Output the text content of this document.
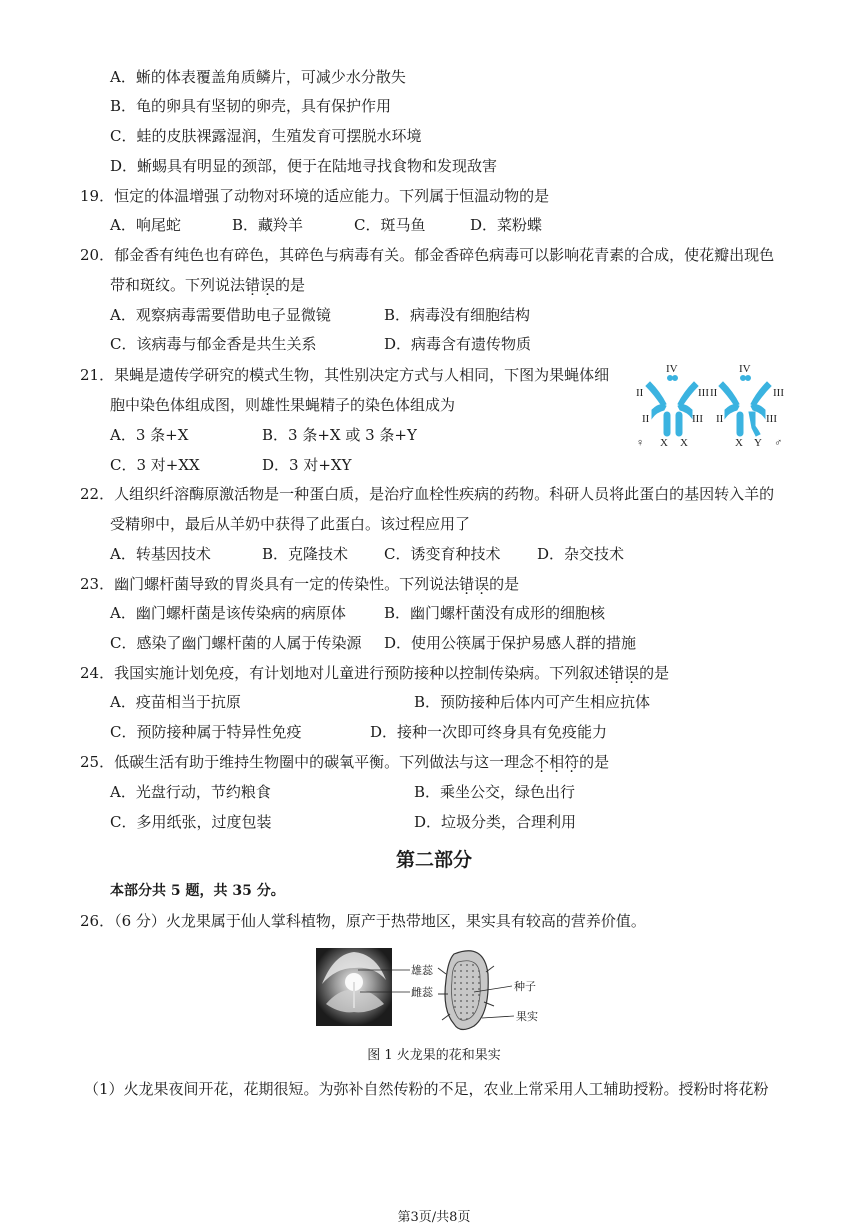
A．蜥的体表覆盖角质鳞片，可减少水分散失
B．龟的卵具有坚韧的卵壳，具有保护作用
C．蛙的皮肤裸露湿润，生殖发育可摆脱水环境
D．蜥蜴具有明显的颈部，便于在陆地寻找食物和发现敌害
19．恒定的体温增强了动物对环境的适应能力。下列属于恒温动物的是
A．响尾蛇	B．藏羚羊	C．斑马鱼	D．菜粉蝶
20．郁金香有纯色也有碎色，其碎色与病毒有关。郁金香碎色病毒可以影响花青素的合成，使花瓣出现色
带和斑纹。下列说法错误的是
A．观察病毒需要借助电子显微镜	B．病毒没有细胞结构
C．该病毒与郁金香是共生关系	D．病毒含有遗传物质
21．果蝇是遗传学研究的模式生物，其性别决定方式与人相同，下图为果蝇体细
胞中染色体组成图，则雄性果蝇精子的染色体组成为
A．3 条+X	B．3 条+X 或 3 条+Y
C．3 对+XX	D．3 对+XY
IV
II	III
II	III
♀ X X
IV
II	III
II	III
X Y ♂
22．人组织纤溶酶原激活物是一种蛋白质，是治疗血栓性疾病的药物。科研人员将此蛋白的基因转入羊的
受精卵中，最后从羊奶中获得了此蛋白。该过程应用了
A．转基因技术	B．克隆技术 C．诱变育种技术 D．杂交技术
23．幽门螺杆菌导致的胃炎具有一定的传染性。下列说法错误的是
A．幽门螺杆菌是该传染病的病原体	B．幽门螺杆菌没有成形的细胞核
C．感染了幽门螺杆菌的人属于传染源 D．使用公筷属于保护易感人群的措施
24．我国实施计划免疫，有计划地对儿童进行预防接种以控制传染病。下列叙述错误的是
A．疫苗相当于抗原	B．预防接种后体内可产生相应抗体
C．预防接种属于特异性免疫	D．接种一次即可终身具有免疫能力
25．低碳生活有助于维持生物圈中的碳氧平衡。下列做法与这一理念不相符的是
A．光盘行动，节约粮食	B．乘坐公交，绿色出行
C．多用纸张，过度包装	D．垃圾分类，合理利用
第二部分
本部分共 5 题，共 35 分。
26．（6 分）火龙果属于仙人掌科植物，原产于热带地区，果实具有较高的营养价值。
雄蕊
雌蕊	种子
果实
图 1 火龙果的花和果实
（1）火龙果夜间开花，花期很短。为弥补自然传粉的不足，农业上常采用人工辅助授粉。授粉时将花粉
第3页/共8页
